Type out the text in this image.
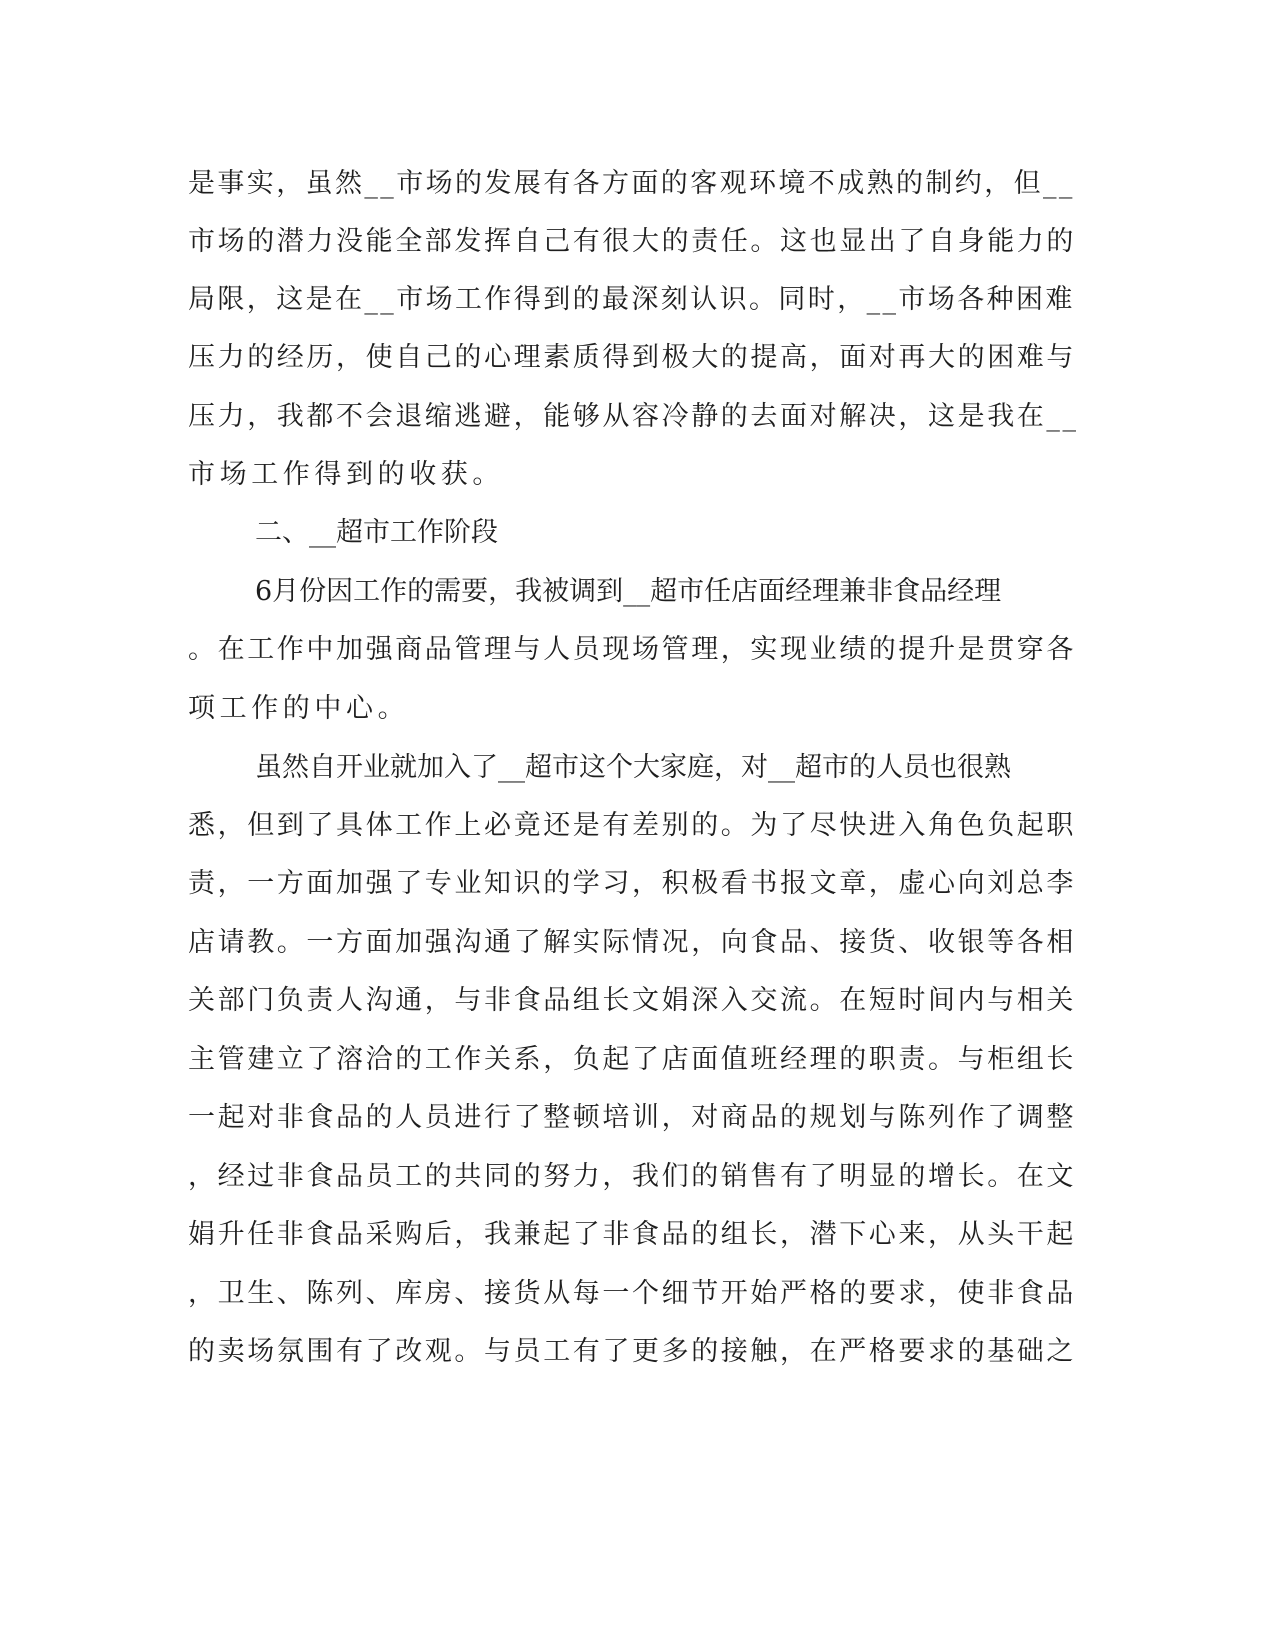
是事实，虽然__市场的发展有各方面的客观环境不成熟的制约，但__
市场的潜力没能全部发挥自己有很大的责任。这也显出了自身能力的
局限，这是在__市场工作得到的最深刻认识。同时，__市场各种困难
压力的经历，使自己的心理素质得到极大的提高，面对再大的困难与
压力，我都不会退缩逃避，能够从容冷静的去面对解决，这是我在__
市场工作得到的收获。
二、__超市工作阶段
6月份因工作的需要，我被调到__超市任店面经理兼非食品经理
。在工作中加强商品管理与人员现场管理，实现业绩的提升是贯穿各
项工作的中心。
虽然自开业就加入了__超市这个大家庭，对__超市的人员也很熟
悉，但到了具体工作上必竟还是有差别的。为了尽快进入角色负起职
责，一方面加强了专业知识的学习，积极看书报文章，虚心向刘总李
店请教。一方面加强沟通了解实际情况，向食品、接货、收银等各相
关部门负责人沟通，与非食品组长文娟深入交流。在短时间内与相关
主管建立了溶洽的工作关系，负起了店面值班经理的职责。与柜组长
一起对非食品的人员进行了整顿培训，对商品的规划与陈列作了调整
，经过非食品员工的共同的努力，我们的销售有了明显的增长。在文
娟升任非食品采购后，我兼起了非食品的组长，潜下心来，从头干起
，卫生、陈列、库房、接货从每一个细节开始严格的要求，使非食品
的卖场氛围有了改观。与员工有了更多的接触，在严格要求的基础之
